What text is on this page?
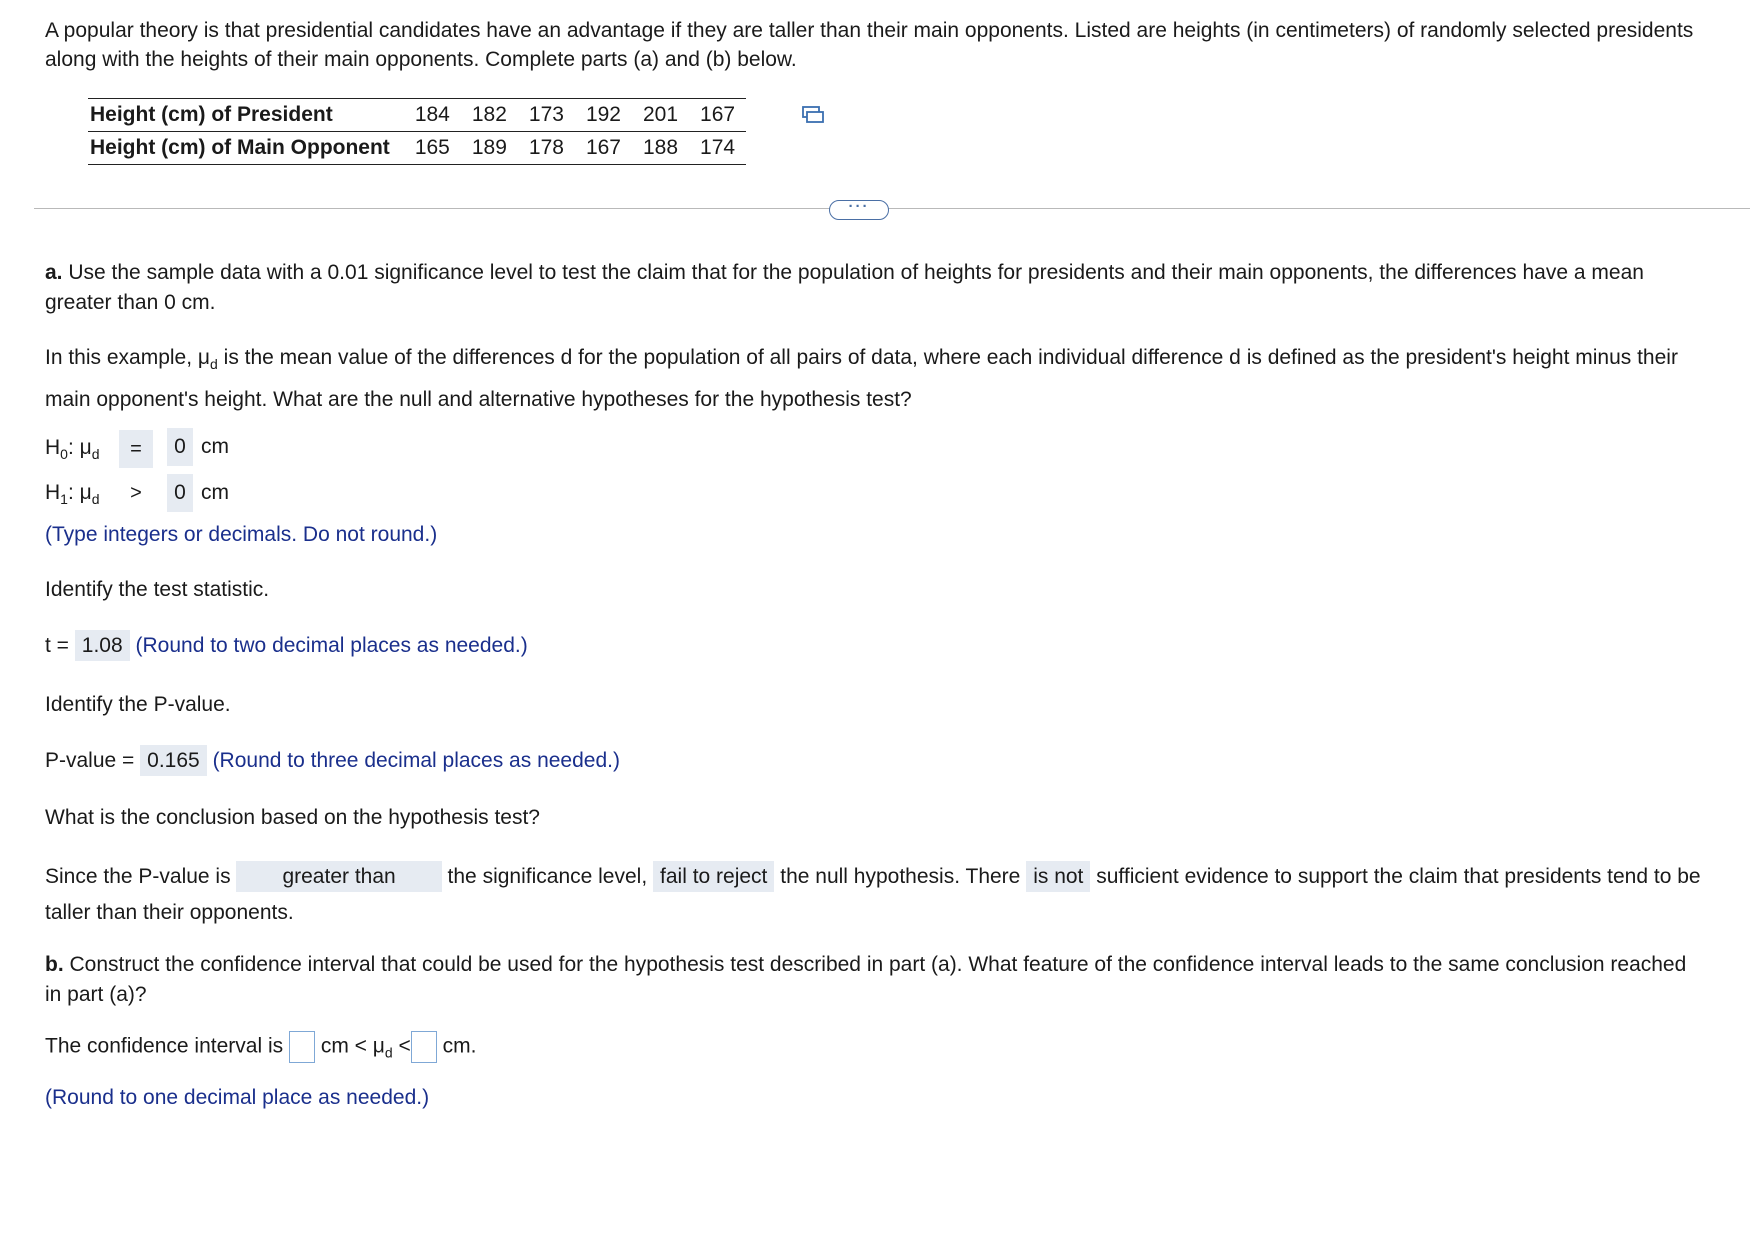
A popular theory is that presidential candidates have an advantage if they are taller than their main opponents. Listed are heights (in centimeters) of randomly selected presidents along with the heights of their main opponents. Complete parts (a) and (b) below.
Height (cm) of President	184	182	173	192	201	167
Height (cm) of Main Opponent	165	189	178	167	188	174
···
a. Use the sample data with a 0.01 significance level to test the claim that for the population of heights for presidents and their main opponents, the differences have a mean greater than 0 cm.
In this example, $\mu_d$ is the mean value of the differences d for the population of all pairs of data, where each individual difference d is defined as the president's height minus their main opponent's height. What are the null and alternative hypotheses for the hypothesis test?
$H_0$: $\mu_d$	=	0 cm
$H_1$: $\mu_d$	>	0 cm
(Type integers or decimals. Do not round.)
Identify the test statistic.
t = 1.08 (Round to two decimal places as needed.)
Identify the P-value.
P-value = 0.165 (Round to three decimal places as needed.)
What is the conclusion based on the hypothesis test?
Since the P-value is greater than the significance level, fail to reject the null hypothesis. There is not sufficient evidence to support the claim that presidents tend to be taller than their opponents.
b. Construct the confidence interval that could be used for the hypothesis test described in part (a). What feature of the confidence interval leads to the same conclusion reached in part (a)?
The confidence interval is cm < $\mu_d$ < cm.
(Round to one decimal place as needed.)
